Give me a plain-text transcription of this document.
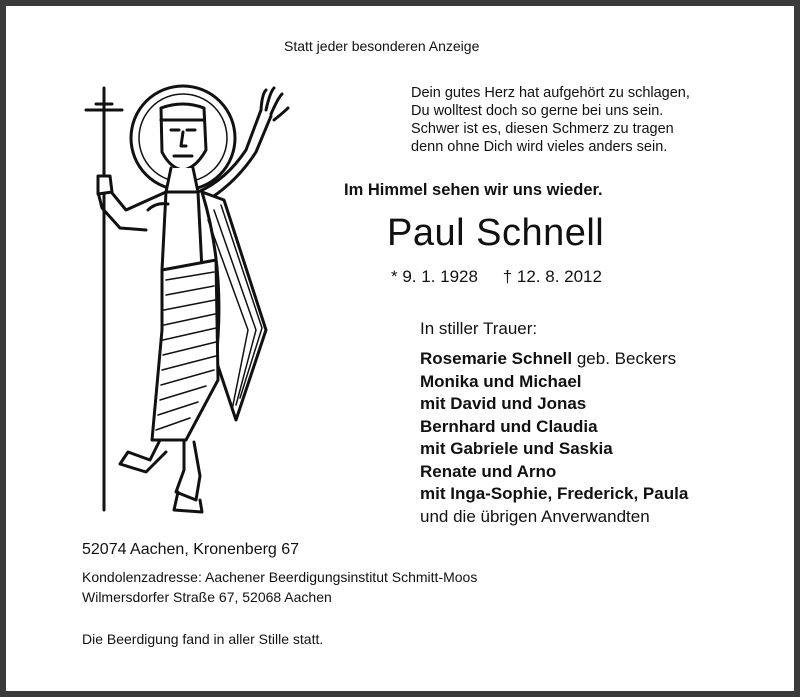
Statt jeder besonderen Anzeige
Dein gutes Herz hat aufgehört zu schlagen,
Du wolltest doch so gerne bei uns sein.
Schwer ist es, diesen Schmerz zu tragen
denn ohne Dich wird vieles anders sein.
Im Himmel sehen wir uns wieder.
Paul Schnell
* 9. 1. 1928 † 12. 8. 2012
In stiller Trauer:
Rosemarie Schnell geb. Beckers
Monika und Michael
mit David und Jonas
Bernhard und Claudia
mit Gabriele und Saskia
Renate und Arno
mit Inga-Sophie, Frederick, Paula
und die übrigen Anverwandten
52074 Aachen, Kronenberg 67
Kondolenzadresse: Aachener Beerdigungsinstitut Schmitt-Moos
Wilmersdorfer Straße 67, 52068 Aachen
Die Beerdigung fand in aller Stille statt.
